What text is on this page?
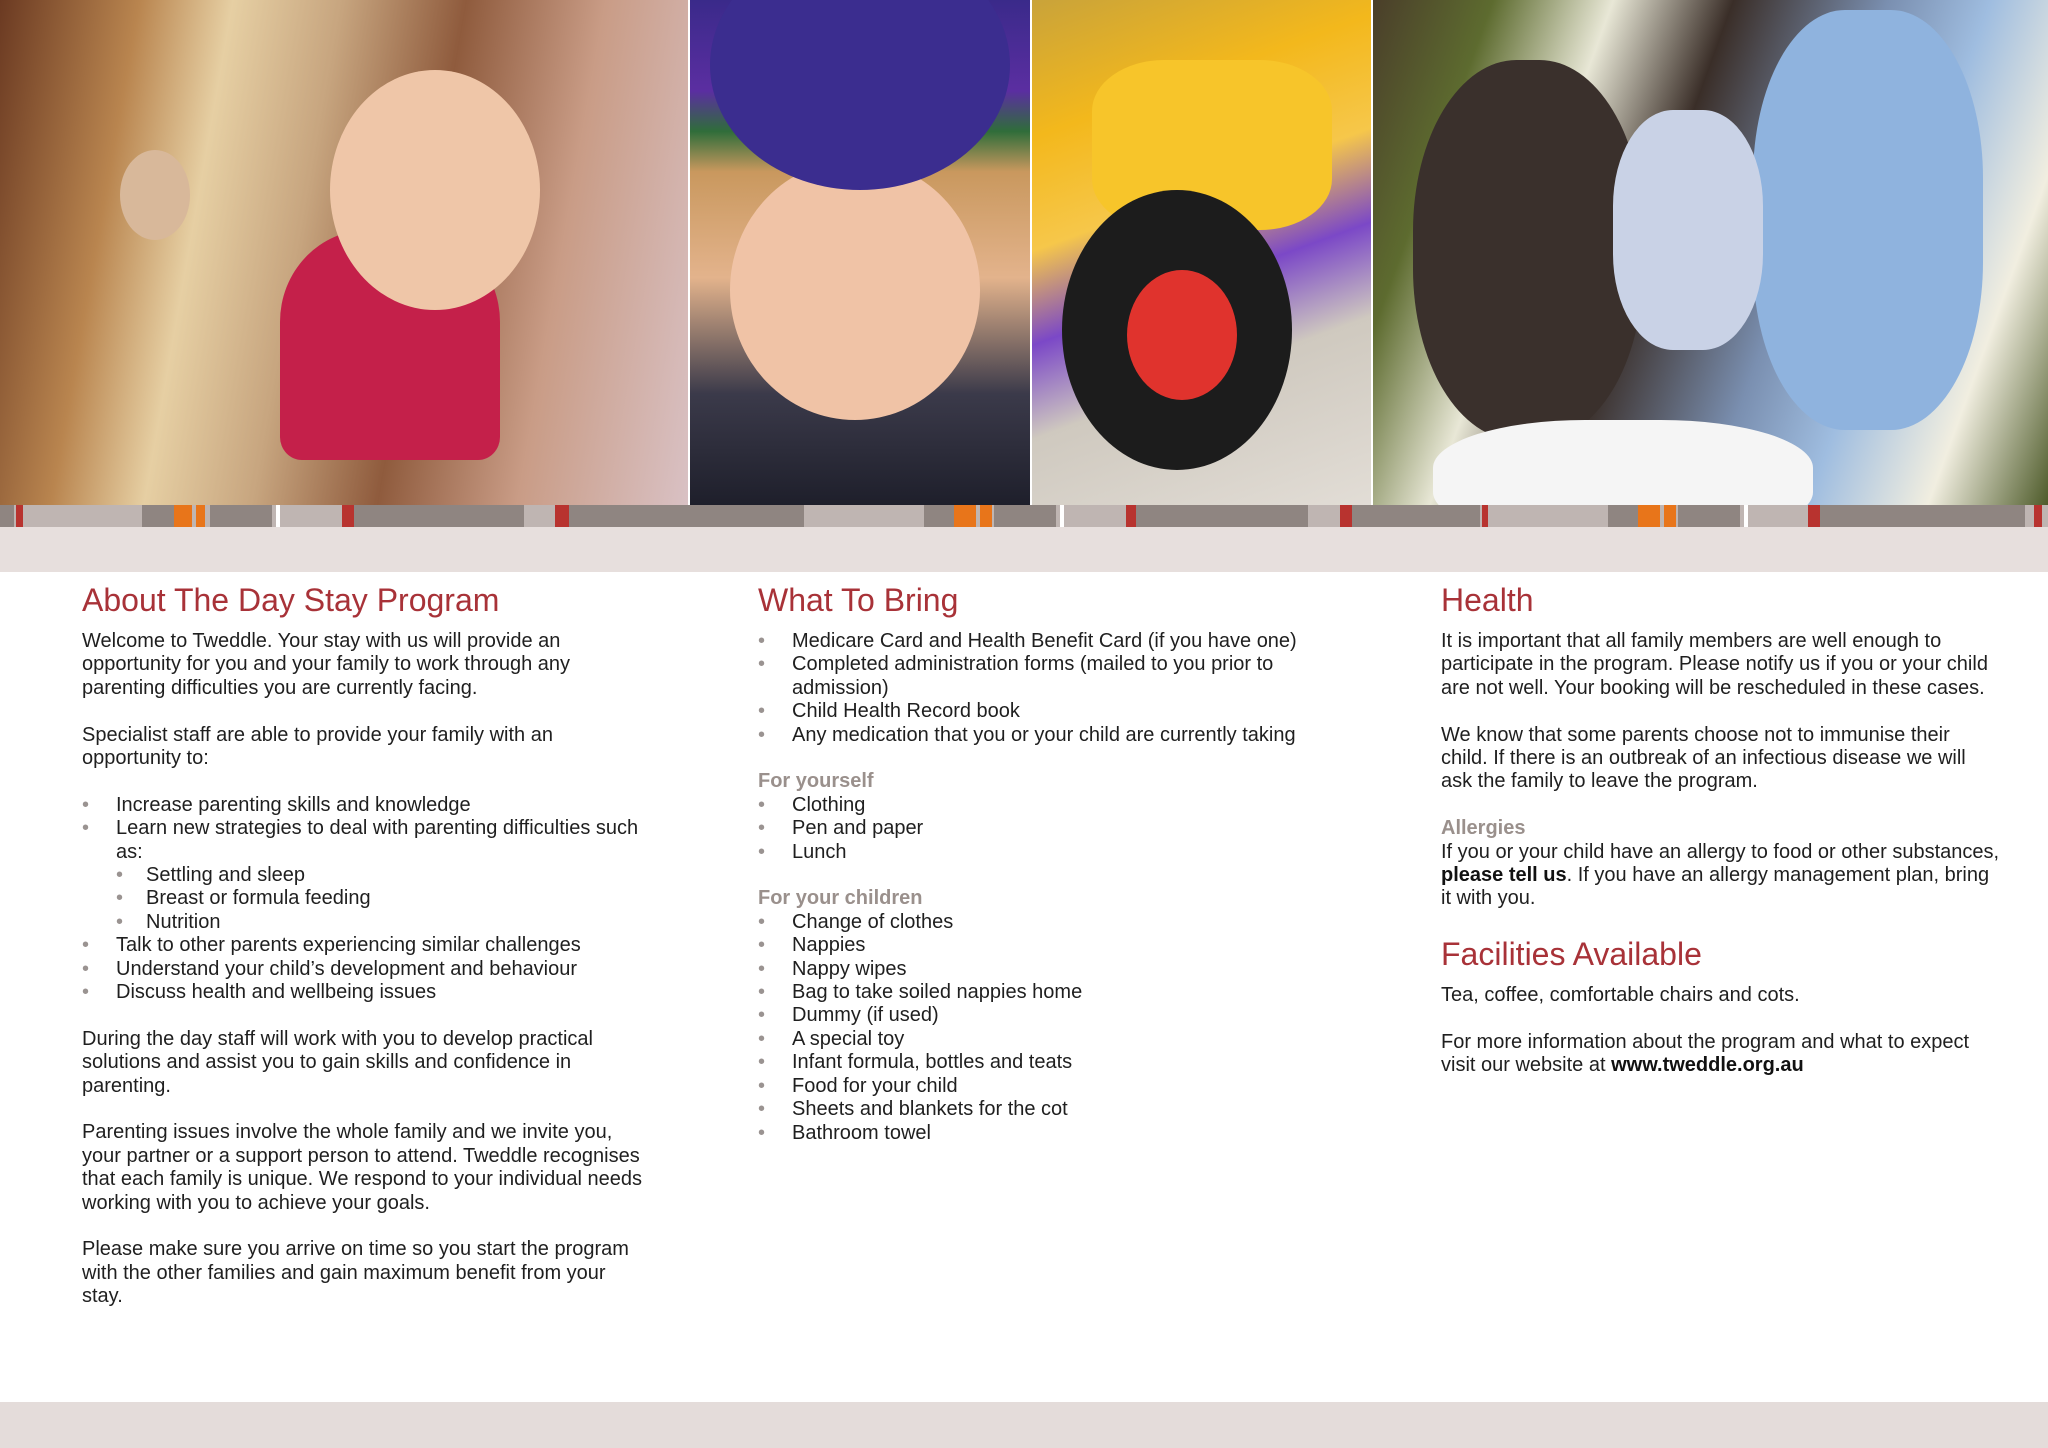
About The Day Stay Program

Welcome to Tweddle. Your stay with us will provide an opportunity for you and your family to work through any parenting difficulties you are currently facing.

Specialist staff are able to provide your family with an opportunity to:

• Increase parenting skills and knowledge
• Learn new strategies to deal with parenting difficulties such as:
• Settling and sleep
• Breast or formula feeding
• Nutrition
• Talk to other parents experiencing similar challenges
• Understand your child’s development and behaviour
• Discuss health and wellbeing issues

During the day staff will work with you to develop practical solutions and assist you to gain skills and confidence in parenting.

Parenting issues involve the whole family and we invite you, your partner or a support person to attend. Tweddle recognises that each family is unique. We respond to your individual needs working with you to achieve your goals.

Please make sure you arrive on time so you start the program with the other families and gain maximum benefit from your stay.

What To Bring
• Medicare Card and Health Benefit Card (if you have one)
• Completed administration forms (mailed to you prior to admission)
• Child Health Record book
• Any medication that you or your child are currently taking
For yourself
• Clothing
• Pen and paper
• Lunch
For your children
• Change of clothes
• Nappies
• Nappy wipes
• Bag to take soiled nappies home
• Dummy (if used)
• A special toy
• Infant formula, bottles and teats
• Food for your child
• Sheets and blankets for the cot
• Bathroom towel
Health

It is important that all family members are well enough to participate in the program. Please notify us if you or your child are not well. Your booking will be rescheduled in these cases.

We know that some parents choose not to immunise their child. If there is an outbreak of an infectious disease we will ask the family to leave the program.

Allergies

If you or your child have an allergy to food or other substances, please tell us. If you have an allergy management plan, bring it with you.

Facilities Available

Tea, coffee, comfortable chairs and cots.

For more information about the program and what to expect visit our website at www.tweddle.org.au
